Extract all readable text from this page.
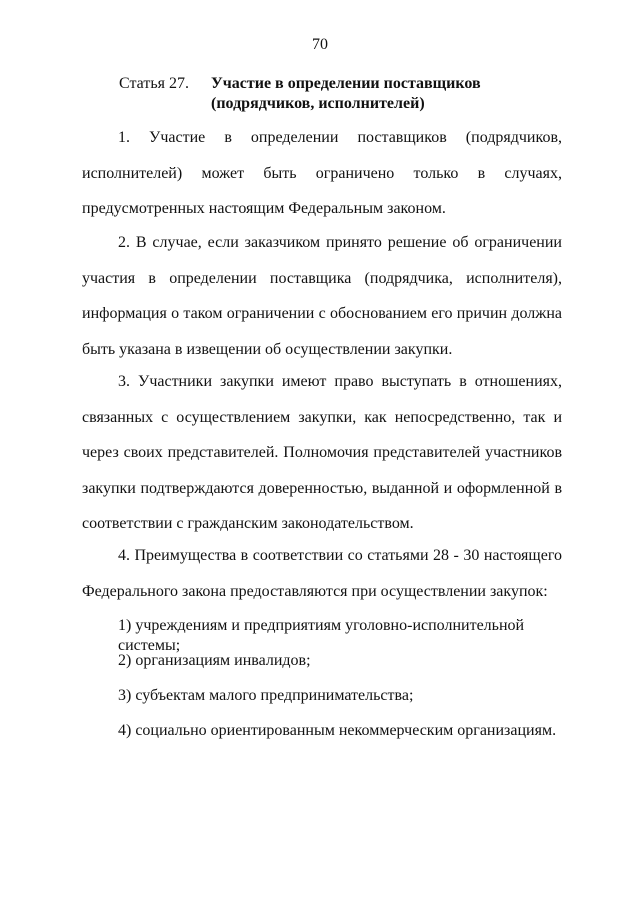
70
Статья 27.	Участие в определении поставщиков (подрядчиков, исполнителей)

1. Участие в определении поставщиков (подрядчиков, исполнителей) может быть ограничено только в случаях, предусмотренных настоящим Федеральным законом.

2. В случае, если заказчиком принято решение об ограничении участия в определении поставщика (подрядчика, исполнителя), информация о таком ограничении с обоснованием его причин должна быть указана в извещении об осуществлении закупки.

3. Участники закупки имеют право выступать в отношениях, связанных с осуществлением закупки, как непосредственно, так и через своих представителей. Полномочия представителей участников закупки подтверждаются доверенностью, выданной и оформленной в соответствии с гражданским законодательством.

4. Преимущества в соответствии со статьями 28 - 30 настоящего Федерального закона предоставляются при осуществлении закупок:

1) учреждениям и предприятиям уголовно-исполнительной системы;

2) организациям инвалидов;

3) субъектам малого предпринимательства;

4) социально ориентированным некоммерческим организациям.
